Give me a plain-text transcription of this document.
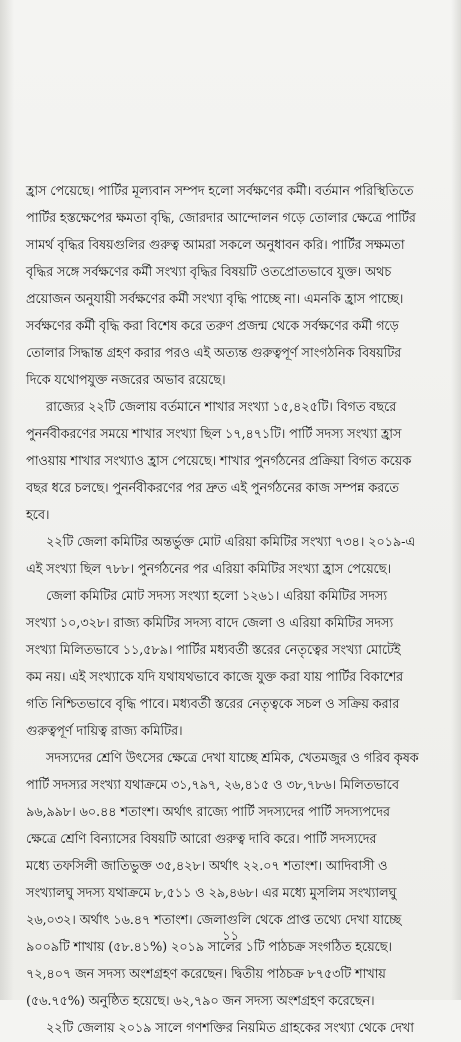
হ্রাস পেয়েছে। পার্টির মূল্যবান সম্পদ হলো সর্বক্ষণের কর্মী। বর্তমান পরিস্থিতিতে
পার্টির হস্তক্ষেপের ক্ষমতা বৃদ্ধি, জোরদার আন্দোলন গড়ে তোলার ক্ষেত্রে পার্টির
সামর্থ বৃদ্ধির বিষয়গুলির গুরুত্ব আমরা সকলে অনুধাবন করি। পার্টির সক্ষমতা
বৃদ্ধির সঙ্গে সর্বক্ষণের কর্মী সংখ্যা বৃদ্ধির বিষয়টি ওতপ্রোতভাবে যুক্ত। অথচ
প্রয়োজন অনুযায়ী সর্বক্ষণের কর্মী সংখ্যা বৃদ্ধি পাচ্ছে না। এমনকি হ্রাস পাচ্ছে।
সর্বক্ষণের কর্মী বৃদ্ধি করা বিশেষ করে তরুণ প্রজন্ম থেকে সর্বক্ষণের কর্মী গড়ে
তোলার সিদ্ধান্ত গ্রহণ করার পরও এই অত্যন্ত গুরুত্বপূর্ণ সাংগঠনিক বিষয়টির
দিকে যথোপযুক্ত নজরের অভাব রয়েছে।
রাজ্যের ২২টি জেলায় বর্তমানে শাখার সংখ্যা ১৫,৪২৫টি। বিগত বছরে
পুনর্নবীকরণের সময়ে শাখার সংখ্যা ছিল ১৭,৪৭১টি। পার্টি সদস্য সংখ্যা হ্রাস
পাওয়ায় শাখার সংখ্যাও হ্রাস পেয়েছে। শাখার পুনর্গঠনের প্রক্রিয়া বিগত কয়েক
বছর ধরে চলছে। পুনর্নবীকরণের পর দ্রুত এই পুনর্গঠনের কাজ সম্পন্ন করতে
হবে।
২২টি জেলা কমিটির অন্তর্ভুক্ত মোট এরিয়া কমিটির সংখ্যা ৭৩৪। ২০১৯-এ
এই সংখ্যা ছিল ৭৮৮। পুনর্গঠনের পর এরিয়া কমিটির সংখ্যা হ্রাস পেয়েছে।
জেলা কমিটির মোট সদস্য সংখ্যা হলো ১২৬১। এরিয়া কমিটির সদস্য
সংখ্যা ১০,৩২৮। রাজ্য কমিটির সদস্য বাদে জেলা ও এরিয়া কমিটির সদস্য
সংখ্যা মিলিতভাবে ১১,৫৮৯। পার্টির মধ্যবর্তী স্তরের নেতৃত্বের সংখ্যা মোটেই
কম নয়। এই সংখ্যাকে যদি যথাযথভাবে কাজে যুক্ত করা যায় পার্টির বিকাশের
গতি নিশ্চিতভাবে বৃদ্ধি পাবে। মধ্যবর্তী স্তরের নেতৃত্বকে সচল ও সক্রিয় করার
গুরুত্বপূর্ণ দায়িত্ব রাজ্য কমিটির।
সদস্যদের শ্রেণি উৎসের ক্ষেত্রে দেখা যাচ্ছে শ্রমিক, খেতমজুর ও গরিব কৃষক
পার্টি সদস্যর সংখ্যা যথাক্রমে ৩১,৭৯৭, ২৬,৪১৫ ও ৩৮,৭৮৬। মিলিতভাবে
৯৬,৯৯৮। ৬০.৪৪ শতাংশ। অর্থাৎ রাজ্যে পার্টি সদস্যদের পার্টি সদস্যপদের
ক্ষেত্রে শ্রেণি বিন্যাসের বিষয়টি আরো গুরুত্ব দাবি করে। পার্টি সদস্যদের
মধ্যে তফসিলী জাতিভুক্ত ৩৫,৪২৮। অর্থাৎ ২২.০৭ শতাংশ। আদিবাসী ও
সংখ্যালঘু সদস্য যথাক্রমে ৮,৫১১ ও ২৯,৪৬৮। এর মধ্যে মুসলিম সংখ্যালঘু
২৬,০৩২। অর্থাৎ ১৬.৪৭ শতাংশ। জেলাগুলি থেকে প্রাপ্ত তথ্যে দেখা যাচ্ছে
৯০০৯টি শাখায় (৫৮.৪১%) ২০১৯ সালের ১টি পাঠচক্র সংগঠিত হয়েছে।
৭২,৪০৭ জন সদস্য অংশগ্রহণ করেছেন। দ্বিতীয় পাঠচক্র ৮৭৫৩টি শাখায়
(৫৬.৭৫%) অনুষ্ঠিত হয়েছে। ৬২,৭৯০ জন সদস্য অংশগ্রহণ করেছেন।
২২টি জেলায় ২০১৯ সালে গণশক্তির নিয়মিত গ্রাহকের সংখ্যা থেকে দেখা
১১
